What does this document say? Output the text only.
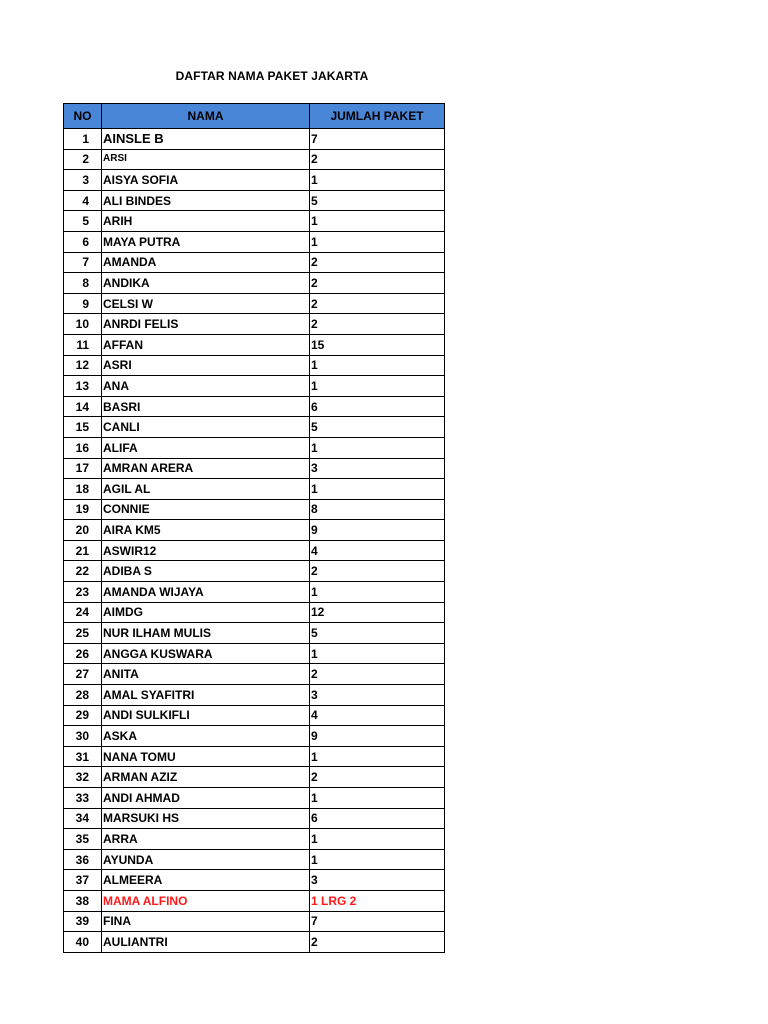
DAFTAR NAMA PAKET JAKARTA
NO	NAMA	JUMLAH PAKET
1	AINSLE B	7
2	ARSI	2
3	AISYA SOFIA	1
4	ALI BINDES	5
5	ARIH	1
6	MAYA PUTRA	1
7	AMANDA	2
8	ANDIKA	2
9	CELSI W	2
10	ANRDI FELIS	2
11	AFFAN	15
12	ASRI	1
13	ANA	1
14	BASRI	6
15	CANLI	5
16	ALIFA	1
17	AMRAN ARERA	3
18	AGIL AL	1
19	CONNIE	8
20	AIRA KM5	9
21	ASWIR12	4
22	ADIBA S	2
23	AMANDA WIJAYA	1
24	AIMDG	12
25	NUR ILHAM MULIS	5
26	ANGGA KUSWARA	1
27	ANITA	2
28	AMAL SYAFITRI	3
29	ANDI SULKIFLI	4
30	ASKA	9
31	NANA TOMU	1
32	ARMAN AZIZ	2
33	ANDI AHMAD	1
34	MARSUKI HS	6
35	ARRA	1
36	AYUNDA	1
37	ALMEERA	3
38	MAMA ALFINO	1 LRG 2
39	FINA	7
40	AULIANTRI	2
